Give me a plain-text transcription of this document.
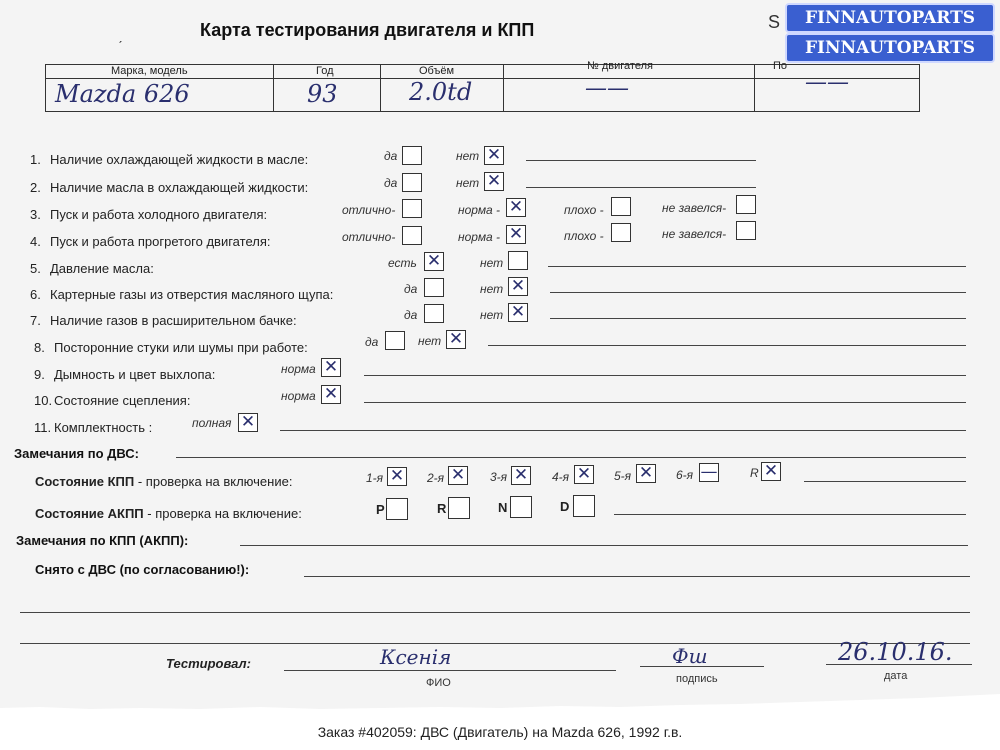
Карта тестирования двигателя и КПП	S
ˊ
FINNAUTOPARTS
FINNAUTOPARTS
Марка, модель	Год	Объём	№ двигателя	По
Mazda 626	93	2.0td	——	——
1. Наличие охлаждающей жидкости в масле:	да	нет ✕
2. Наличие масла в охлаждающей жидкости:	да	нет ✕
3. Пуск и работа холодного двигателя:	отлично-	норма - ✕	плохо -	не завелся-
4. Пуск и работа прогретого двигателя:	отлично-	норма - ✕	плохо -	не завелся-
5. Давление масла:	есть ✕	нет
6. Картерные газы из отверстия масляного щупа:	да	нет ✕
7. Наличие газов в расширительном бачке:	да	нет ✕
8. Посторонние стуки или шумы при работе:	да	нет ✕
9. Дымность и цвет выхлопа:	норма ✕
10. Состояние сцепления:	норма ✕
11. Комплектность :	полная ✕
Замечания по ДВС:
Состояние КПП - проверка на включение:	1-я ✕ 2-я ✕ 3-я ✕ 4-я ✕ 5-я ✕ 6-я —	R ✕
Состояние АКПП - проверка на включение:	P	R	N	D
Замечания по КПП (АКПП):
Снято с ДВС (по согласованию!):
Тестировал:	Ксенія	Фш	26.10.16.
ФИО	подпись	дата
Заказ #402059: ДВС (Двигатель) на Mazda 626, 1992 г.в.
